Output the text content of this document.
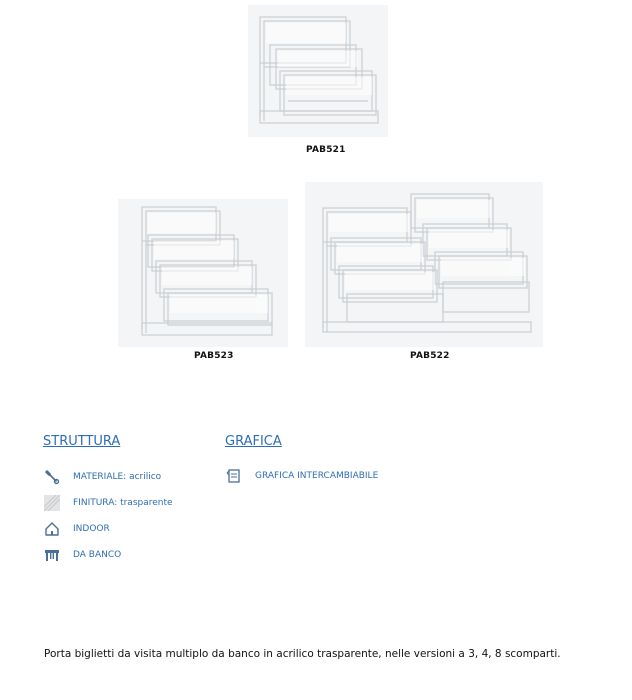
PAB521
PAB523	PAB522
STRUTTURA
MATERIALE: acrilico
FINITURA: trasparente
INDOOR
DA BANCO
GRAFICA
GRAFICA INTERCAMBIABILE
Porta biglietti da visita multiplo da banco in acrilico trasparente, nelle versioni a 3, 4, 8 scomparti.
